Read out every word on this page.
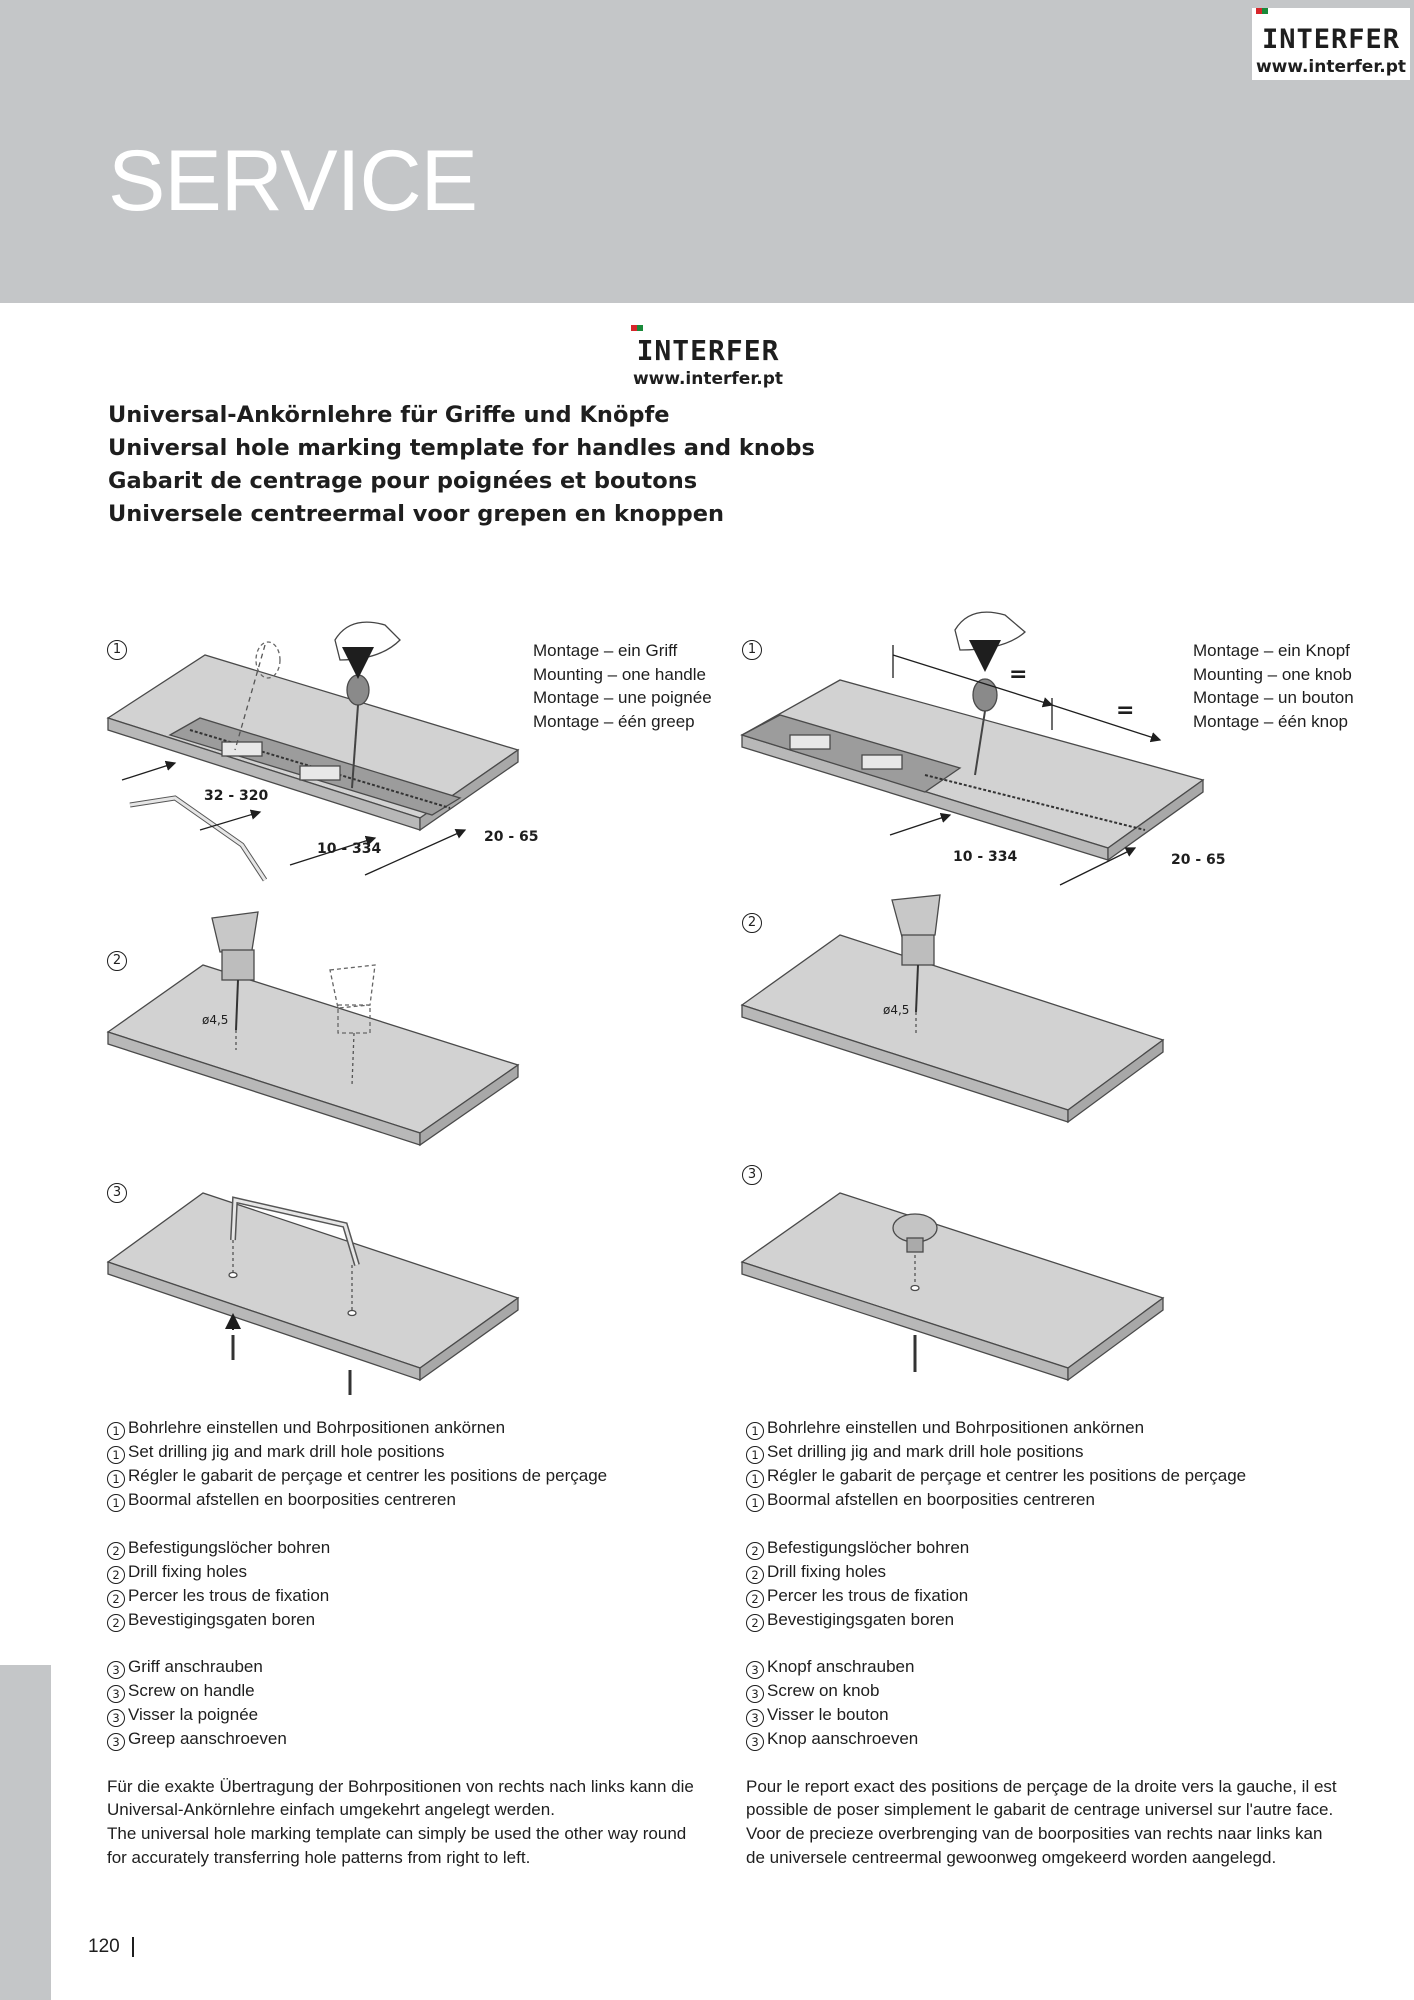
SERVICE
INTERFER
www.interfer.pt
INTERFER
www.interfer.pt
Universal-Ankörnlehre für Griffe und Knöpfe
Universal hole marking template for handles and knobs
Gabarit de centrage pour poignées et boutons
Universele centreermal voor grepen en knoppen
1	1
2
2
3
3
Montage – ein Griff
Mounting – one handle
Montage – une poignée
Montage – één greep
Montage – ein Knopf
Mounting – one knob
Montage – un bouton
Montage – één knop
32 - 320
10 - 334
20 - 65
10 - 334	20 - 65
=
=
ø4,5
ø4,5
1 Bohrlehre einstellen und Bohrpositionen ankörnen
1 Set drilling jig and mark drill hole positions
1 Régler le gabarit de perçage et centrer les positions de perçage
1 Boormal afstellen en boorposities centreren
2 Befestigungslöcher bohren
2 Drill fixing holes
2 Percer les trous de fixation
2 Bevestigingsgaten boren
3 Griff anschrauben
3 Screw on handle
3 Visser la poignée
3 Greep aanschroeven

Für die exakte Übertragung der Bohrpositionen von rechts nach links kann die Universal-Ankörnlehre einfach umgekehrt angelegt werden.

The universal hole marking template can simply be used the other way round for accurately transferring hole patterns from right to left.

1 Bohrlehre einstellen und Bohrpositionen ankörnen
1 Set drilling jig and mark drill hole positions
1 Régler le gabarit de perçage et centrer les positions de perçage
1 Boormal afstellen en boorposities centreren
2 Befestigungslöcher bohren
2 Drill fixing holes
2 Percer les trous de fixation
2 Bevestigingsgaten boren
3 Knopf anschrauben
3 Screw on knob
3 Visser le bouton
3 Knop aanschroeven

Pour le report exact des positions de perçage de la droite vers la gauche, il est possible de poser simplement le gabarit de centrage universel sur l'autre face.

Voor de precieze overbrenging van de boorposities van rechts naar links kan de universele centreermal gewoonweg omgekeerd worden aangelegd.

120
